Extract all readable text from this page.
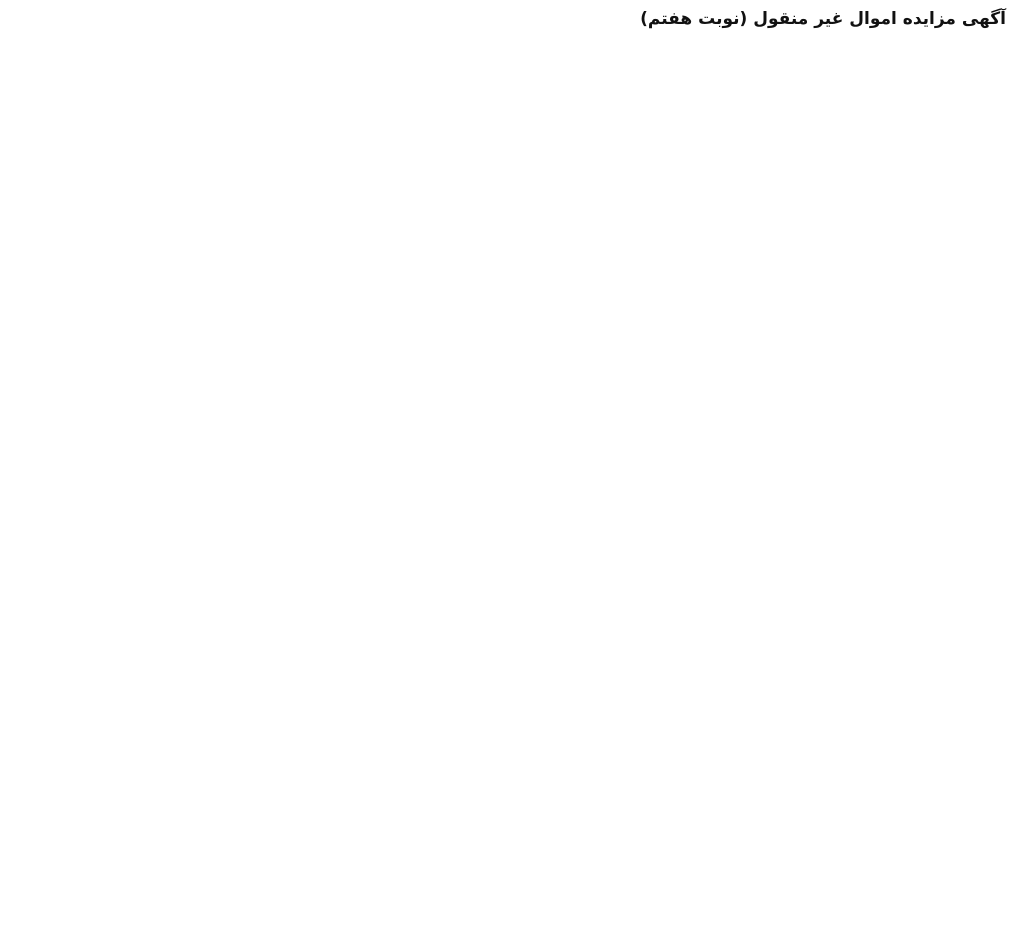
آگهی مزایده اموال غیر منقول (نوبت هفتم)
